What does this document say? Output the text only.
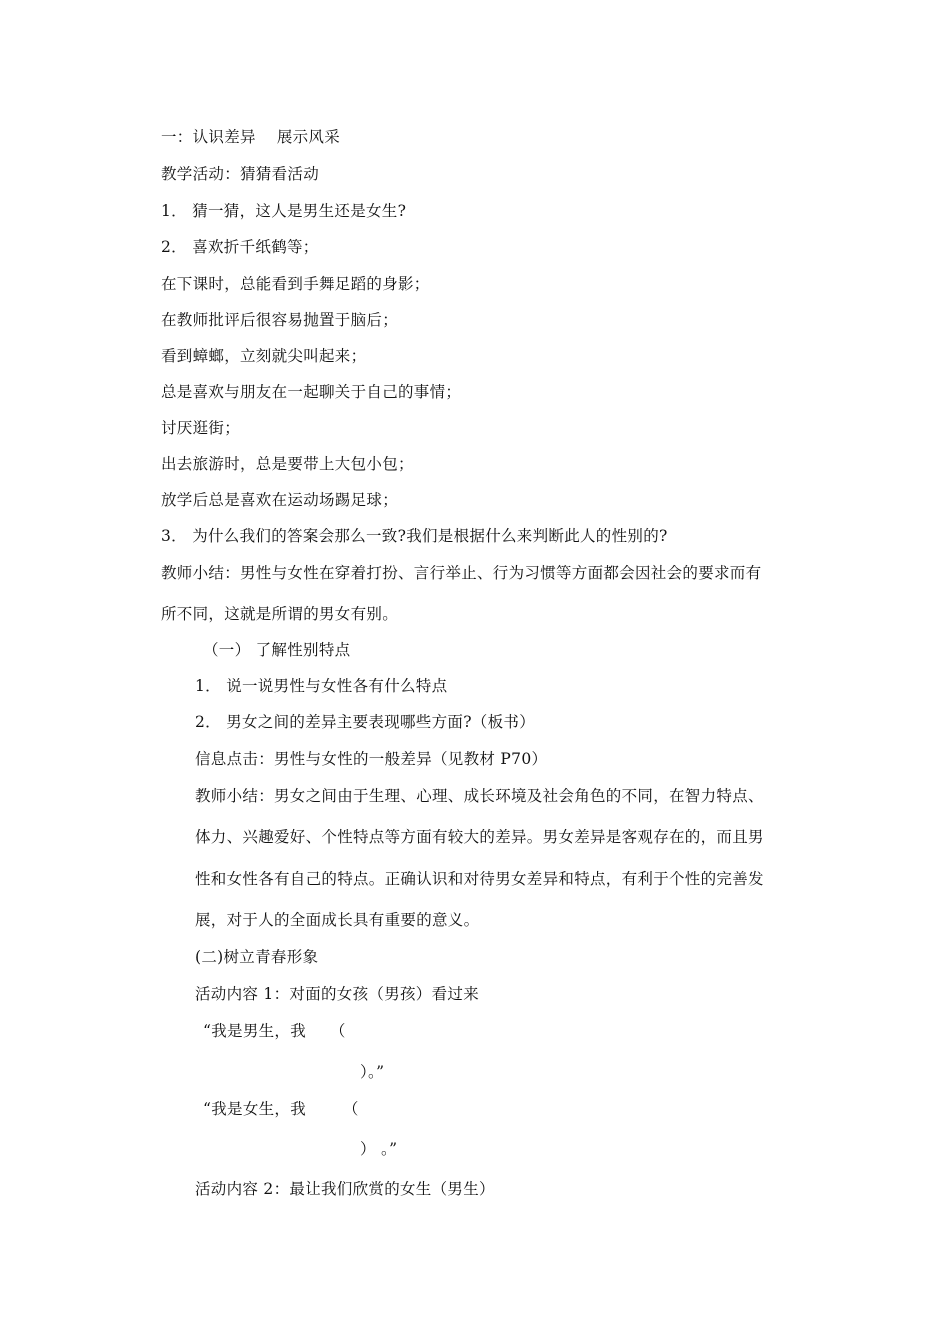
一：认识差异　 展示风采
教学活动：猜猜看活动
1． 猜一猜，这人是男生还是女生?
2． 喜欢折千纸鹤等；
在下课时，总能看到手舞足蹈的身影；
在教师批评后很容易抛置于脑后；
看到蟑螂，立刻就尖叫起来；
总是喜欢与朋友在一起聊关于自己的事情；
讨厌逛街；
出去旅游时，总是要带上大包小包；
放学后总是喜欢在运动场踢足球；
3． 为什么我们的答案会那么一致?我们是根据什么来判断此人的性别的?
教师小结：男性与女性在穿着打扮、言行举止、行为习惯等方面都会因社会的要求而有
所不同，这就是所谓的男女有别。
（一） 了解性别特点
1． 说一说男性与女性各有什么特点
2． 男女之间的差异主要表现哪些方面?（板书）
信息点击：男性与女性的一般差异（见教材 P70）
教师小结：男女之间由于生理、心理、成长环境及社会角色的不同，在智力特点、
体力、兴趣爱好、个性特点等方面有较大的差异。男女差异是客观存在的，而且男
性和女性各有自己的特点。正确认识和对待男女差异和特点，有利于个性的完善发
展，对于人的全面成长具有重要的意义。
(二)树立青春形象
活动内容 1：对面的女孩（男孩）看过来
“我是男生，我　　（
）。”
“我是女生，我　　 （
） 。”
活动内容 2：最让我们欣赏的女生（男生）
